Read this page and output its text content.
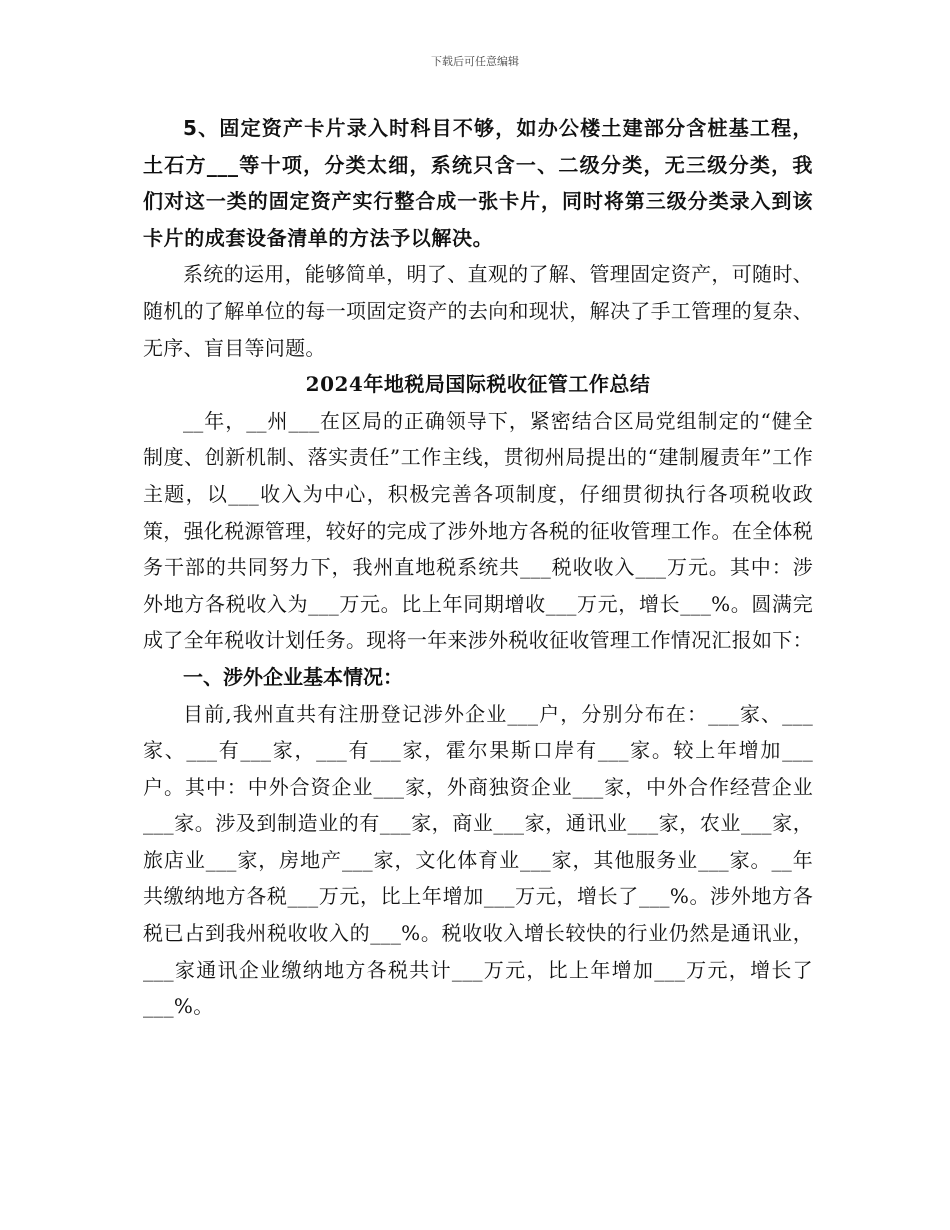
下载后可任意编辑

5、固定资产卡片录入时科目不够，如办公楼土建部分含桩基工程，土石方___等十项，分类太细，系统只含一、二级分类，无三级分类，我们对这一类的固定资产实行整合成一张卡片，同时将第三级分类录入到该卡片的成套设备清单的方法予以解决。

系统的运用，能够简单，明了、直观的了解、管理固定资产，可随时、随机的了解单位的每一项固定资产的去向和现状，解决了手工管理的复杂、无序、盲目等问题。

2024年地税局国际税收征管工作总结

__年，__州___在区局的正确领导下，紧密结合区局党组制定的“健全制度、创新机制、落实责任”工作主线，贯彻州局提出的“建制履责年”工作主题，以___收入为中心，积极完善各项制度，仔细贯彻执行各项税收政策，强化税源管理，较好的完成了涉外地方各税的征收管理工作。在全体税务干部的共同努力下，我州直地税系统共___税收收入___万元。其中：涉外地方各税收入为___万元。比上年同期增收___万元，增长___%。圆满完成了全年税收计划任务。现将一年来涉外税收征收管理工作情况汇报如下：

一、涉外企业基本情况：

目前,我州直共有注册登记涉外企业___户，分别分布在：___家、___家、___有___家，___有___家，霍尔果斯口岸有___家。较上年增加___户。其中：中外合资企业___家，外商独资企业___家，中外合作经营企业___家。涉及到制造业的有___家，商业___家，通讯业___家，农业___家，旅店业___家，房地产___家，文化体育业___家，其他服务业___家。__年共缴纳地方各税___万元，比上年增加___万元，增长了___%。涉外地方各税已占到我州税收收入的___%。税收收入增长较快的行业仍然是通讯业，___家通讯企业缴纳地方各税共计___万元，比上年增加___万元，增长了___%。
